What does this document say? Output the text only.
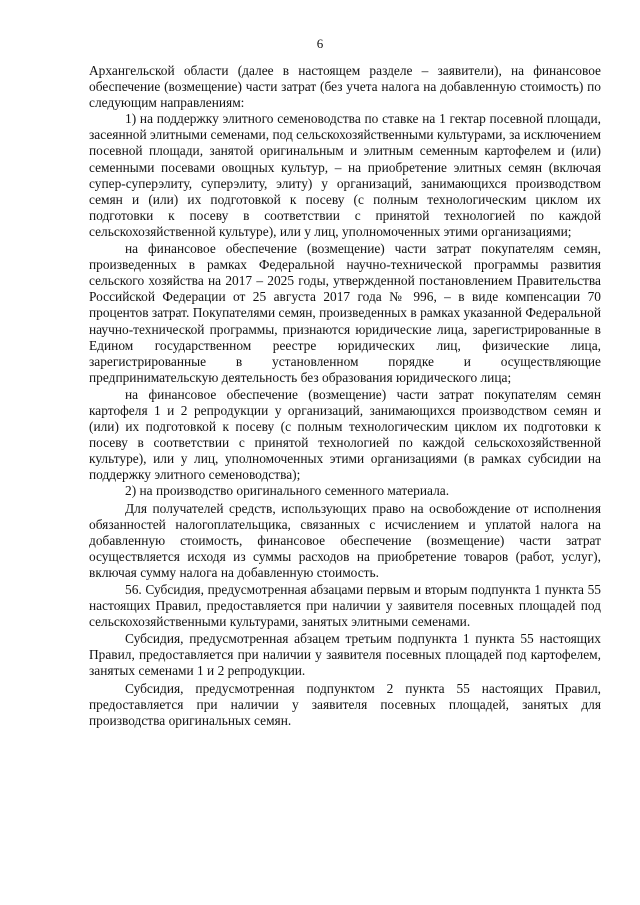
6

Архангельской области (далее в настоящем разделе – заявители), на финансовое обеспечение (возмещение) части затрат (без учета налога на добавленную стоимость) по следующим направлениям:

1) на поддержку элитного семеноводства по ставке на 1 гектар посевной площади, засеянной элитными семенами, под сельскохозяйственными культурами, за исключением посевной площади, занятой оригинальным и элитным семенным картофелем и (или) семенными посевами овощных культур, – на приобретение элитных семян (включая супер-суперэлиту, суперэлиту, элиту) у организаций, занимающихся производством семян и (или) их подготовкой к посеву (с полным технологическим циклом их подготовки к посеву в соответствии с принятой технологией по каждой сельскохозяйственной культуре), или у лиц, уполномоченных этими организациями;

на финансовое обеспечение (возмещение) части затрат покупателям семян, произведенных в рамках Федеральной научно-технической программы развития сельского хозяйства на 2017 – 2025 годы, утвержденной постановлением Правительства Российской Федерации от 25 августа 2017 года № 996, – в виде компенсации 70 процентов затрат. Покупателями семян, произведенных в рамках указанной Федеральной научно-технической программы, признаются юридические лица, зарегистрированные в Едином государственном реестре юридических лиц, физические лица, зарегистрированные в установленном порядке и осуществляющие предпринимательскую деятельность без образования юридического лица;

на финансовое обеспечение (возмещение) части затрат покупателям семян картофеля 1 и 2 репродукции у организаций, занимающихся производством семян и (или) их подготовкой к посеву (с полным технологическим циклом их подготовки к посеву в соответствии с принятой технологией по каждой сельскохозяйственной культуре), или у лиц, уполномоченных этими организациями (в рамках субсидии на поддержку элитного семеноводства);

2) на производство оригинального семенного материала.

Для получателей средств, использующих право на освобождение от исполнения обязанностей налогоплательщика, связанных с исчислением и уплатой налога на добавленную стоимость, финансовое обеспечение (возмещение) части затрат осуществляется исходя из суммы расходов на приобретение товаров (работ, услуг), включая сумму налога на добавленную стоимость.

56. Субсидия, предусмотренная абзацами первым и вторым подпункта 1 пункта 55 настоящих Правил, предоставляется при наличии у заявителя посевных площадей под сельскохозяйственными культурами, занятых элитными семенами.

Субсидия, предусмотренная абзацем третьим подпункта 1 пункта 55 настоящих Правил, предоставляется при наличии у заявителя посевных площадей под картофелем, занятых семенами 1 и 2 репродукции.

Субсидия, предусмотренная подпунктом 2 пункта 55 настоящих Правил, предоставляется при наличии у заявителя посевных площадей, занятых для производства оригинальных семян.
